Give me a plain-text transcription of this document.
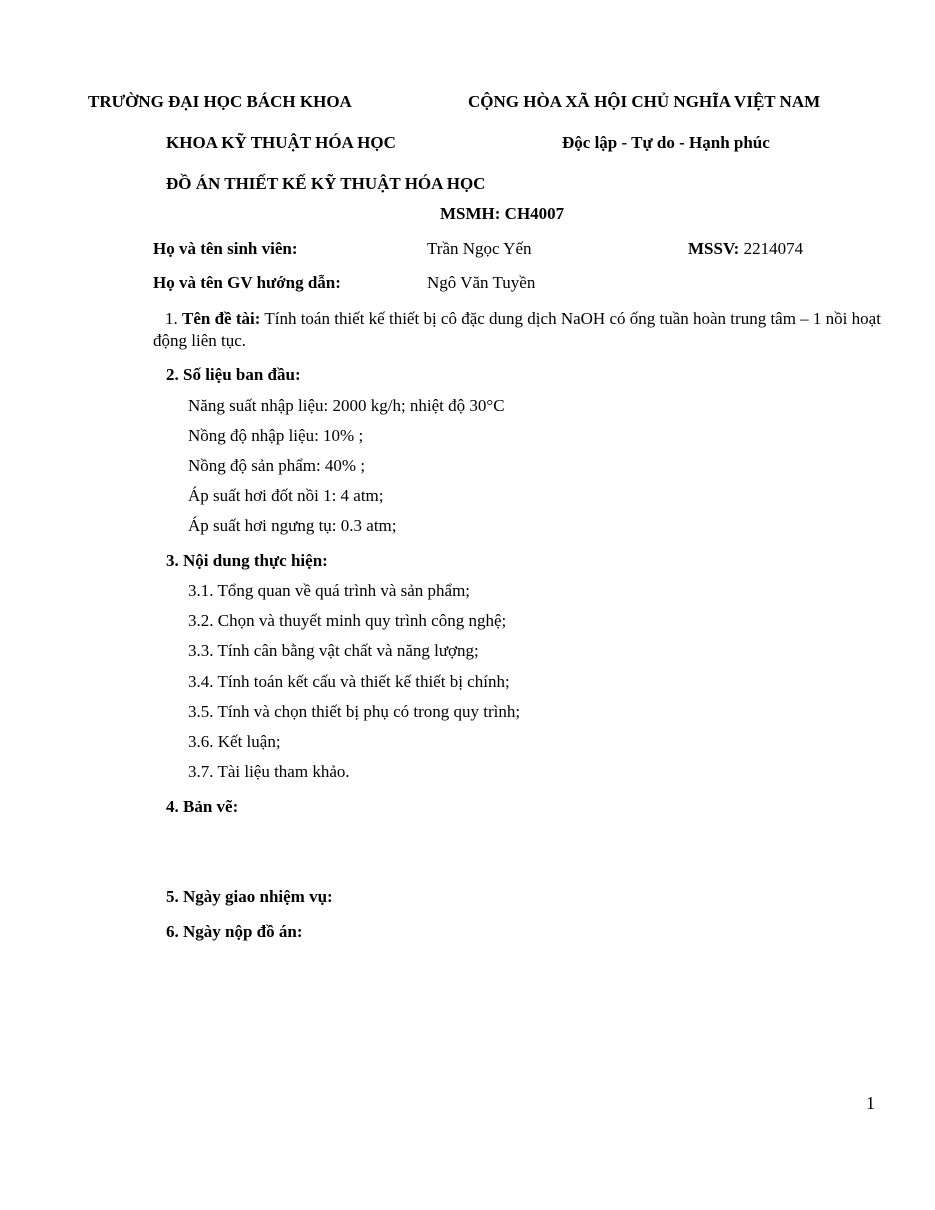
TRƯỜNG ĐẠI HỌC BÁCH KHOA	CỘNG HÒA XÃ HỘI CHỦ NGHĨA VIỆT NAM
KHOA KỸ THUẬT HÓA HỌC	Độc lập - Tự do - Hạnh phúc
ĐỒ ÁN THIẾT KẾ KỸ THUẬT HÓA HỌC
MSMH: CH4007
Họ và tên sinh viên:	Trần Ngọc Yến	MSSV: 2214074
Họ và tên GV hướng dẫn:	Ngô Văn Tuyền
1. Tên đề tài: Tính toán thiết kế thiết bị cô đặc dung dịch NaOH có ống tuần hoàn trung tâm – 1 nồi hoạt động liên tục.
2. Số liệu ban đầu:
Năng suất nhập liệu: 2000 kg/h; nhiệt độ 30°C
Nồng độ nhập liệu: 10% ;
Nồng độ sản phẩm: 40% ;
Áp suất hơi đốt nồi 1: 4 atm;
Áp suất hơi ngưng tụ: 0.3 atm;
3. Nội dung thực hiện:
3.1. Tổng quan về quá trình và sản phẩm;
3.2. Chọn và thuyết minh quy trình công nghệ;
3.3. Tính cân bằng vật chất và năng lượng;
3.4. Tính toán kết cấu và thiết kế thiết bị chính;
3.5. Tính và chọn thiết bị phụ có trong quy trình;
3.6. Kết luận;
3.7. Tài liệu tham khảo.
4. Bản vẽ:
5. Ngày giao nhiệm vụ:
6. Ngày nộp đồ án:
1
